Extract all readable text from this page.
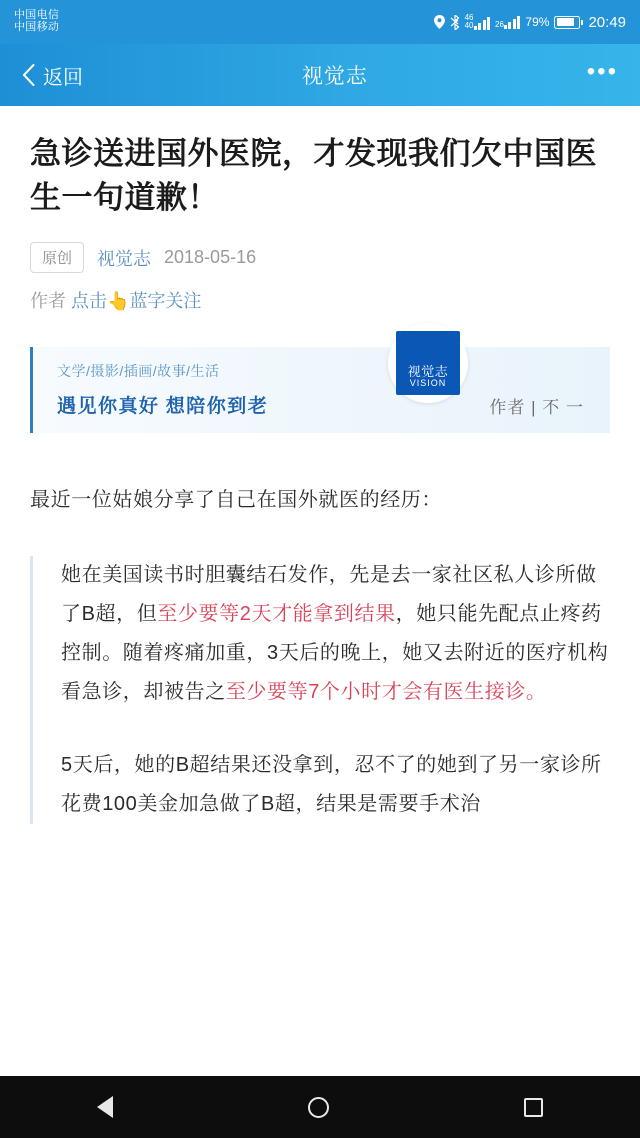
中国电信
中国移动
46
40	26 79%	20:49
返回	视觉志	•••
急诊送进国外医院，才发现我们欠中国医生一句道歉！
原创	视觉志 2018-05-16
作者 点击👆蓝字关注
文学/摄影/插画/故事/生活
遇见你真好 想陪你到老
视觉志
VISION
作者 | 不 一

最近一位姑娘分享了自己在国外就医的经历：

她在美国读书时胆囊结石发作，先是去一家社区私人诊所做了B超，但至少要等2天才能拿到结果，她只能先配点止疼药控制。随着疼痛加重，3天后的晚上，她又去附近的医疗机构看急诊，却被告之至少要等7个小时才会有医生接诊。

5天后，她的B超结果还没拿到，忍不了的她到了另一家诊所花费100美金加急做了B超，结果是需要手术治
